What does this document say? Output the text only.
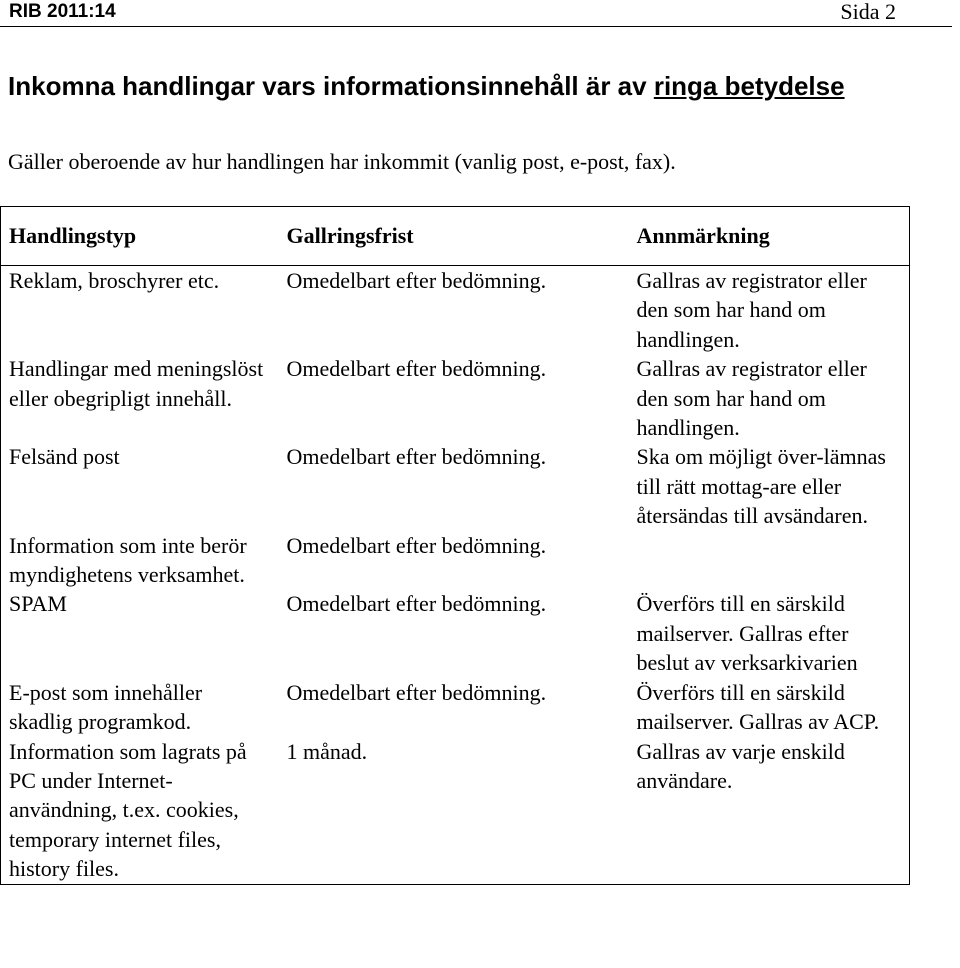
RIB 2011:14	Sida 2
Inkomna handlingar vars informationsinnehåll är av ringa betydelse
Gäller oberoende av hur handlingen har inkommit (vanlig post, e-post, fax).
Handlingstyp	Gallringsfrist	Annmärkning
Reklam, broschyrer etc.	Omedelbart efter bedömning.	Gallras av registrator eller den som har hand om handlingen.
Handlingar med meningslöst eller obegripligt innehåll.	Omedelbart efter bedömning.	Gallras av registrator eller den som har hand om handlingen.
Felsänd post	Omedelbart efter bedömning.	Ska om möjligt över-lämnas till rätt mottag-are eller återsändas till avsändaren.
Information som inte berör myndighetens verksamhet.	Omedelbart efter bedömning.	
SPAM	Omedelbart efter bedömning.	Överförs till en särskild mailserver. Gallras efter beslut av verksarkivarien
E-post som innehåller skadlig programkod.	Omedelbart efter bedömning.	Överförs till en särskild mailserver. Gallras av ACP.
Information som lagrats på PC under Internet-användning, t.ex. cookies, temporary internet files, history files.	1 månad.	Gallras av varje enskild användare.
